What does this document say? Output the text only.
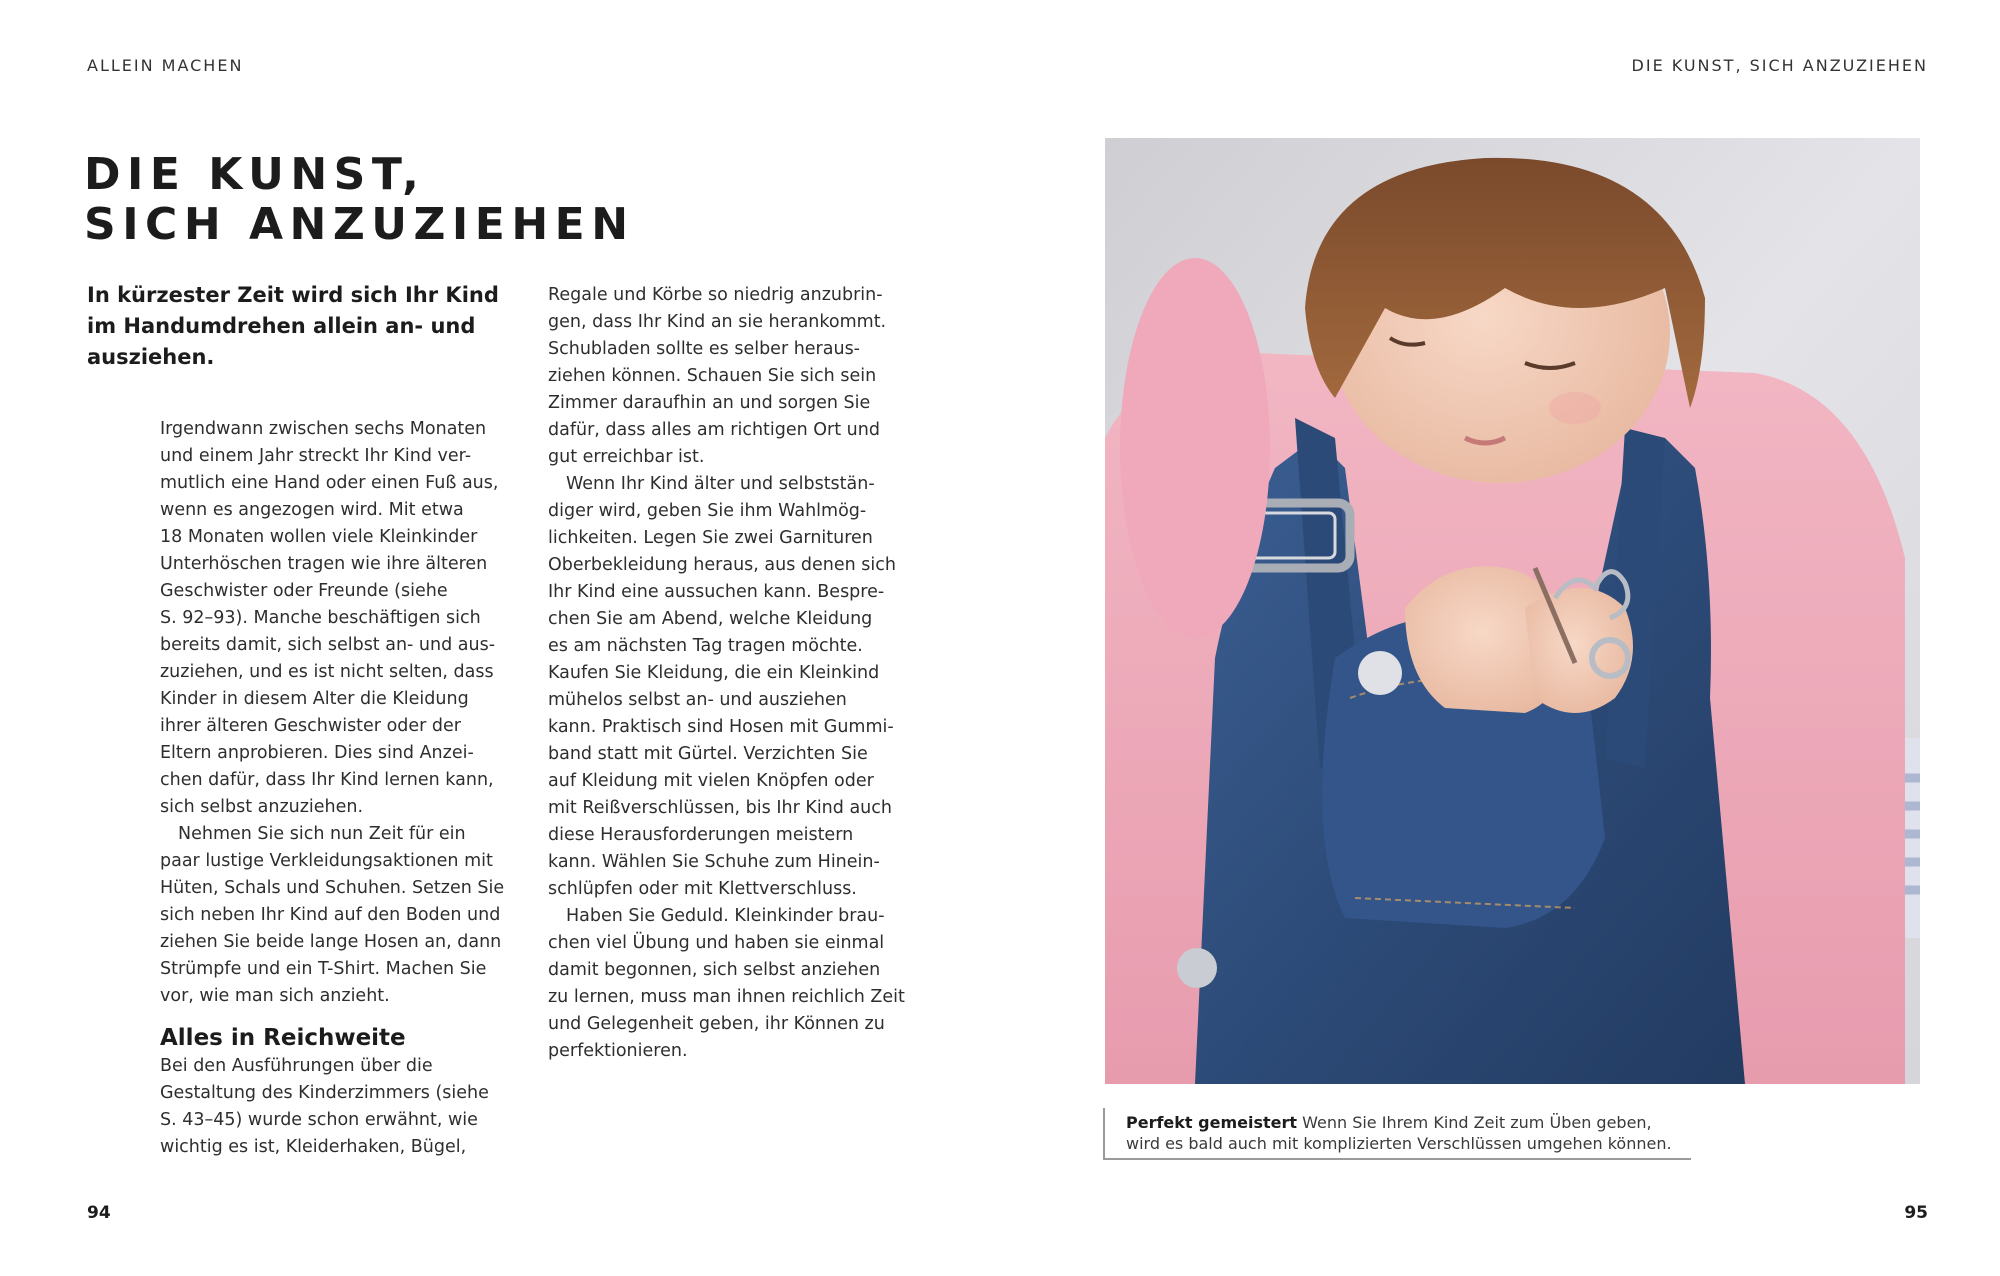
ALLEIN MACHEN	DIE KUNST, SICH ANZUZIEHEN
DIE KUNST,
SICH ANZUZIEHEN

In kürzester Zeit wird sich Ihr Kind im Handumdrehen allein an- und ausziehen.

Irgendwann zwischen sechs Monaten
und einem Jahr streckt Ihr Kind ver-
mutlich eine Hand oder einen Fuß aus,
wenn es angezogen wird. Mit etwa
18 Monaten wollen viele Kleinkinder
Unterhöschen tragen wie ihre älteren
Geschwister oder Freunde (siehe
S. 92–93). Manche beschäftigen sich
bereits damit, sich selbst an- und aus-
zuziehen, und es ist nicht selten, dass
Kinder in diesem Alter die Kleidung
ihrer älteren Geschwister oder der
Eltern anprobieren. Dies sind Anzei-
chen dafür, dass Ihr Kind lernen kann,
sich selbst anzuziehen.
Nehmen Sie sich nun Zeit für ein
paar lustige Verkleidungsaktionen mit
Hüten, Schals und Schuhen. Setzen Sie
sich neben Ihr Kind auf den Boden und
ziehen Sie beide lange Hosen an, dann
Strümpfe und ein T-Shirt. Machen Sie
vor, wie man sich anzieht.
Alles in Reichweite
Bei den Ausführungen über die
Gestaltung des Kinderzimmers (siehe
S. 43–45) wurde schon erwähnt, wie
wichtig es ist, Kleiderhaken, Bügel,
Regale und Körbe so niedrig anzubrin-
gen, dass Ihr Kind an sie herankommt.
Schubladen sollte es selber heraus-
ziehen können. Schauen Sie sich sein
Zimmer daraufhin an und sorgen Sie
dafür, dass alles am richtigen Ort und
gut erreichbar ist.
Wenn Ihr Kind älter und selbststän-
diger wird, geben Sie ihm Wahlmög-
lichkeiten. Legen Sie zwei Garnituren
Oberbekleidung heraus, aus denen sich
Ihr Kind eine aussuchen kann. Bespre-
chen Sie am Abend, welche Kleidung
es am nächsten Tag tragen möchte.
Kaufen Sie Kleidung, die ein Kleinkind
mühelos selbst an- und ausziehen
kann. Praktisch sind Hosen mit Gummi-
band statt mit Gürtel. Verzichten Sie
auf Kleidung mit vielen Knöpfen oder
mit Reißverschlüssen, bis Ihr Kind auch
diese Herausforderungen meistern
kann. Wählen Sie Schuhe zum Hinein-
schlüpfen oder mit Klettverschluss.
Haben Sie Geduld. Kleinkinder brau-
chen viel Übung und haben sie einmal
damit begonnen, sich selbst anziehen
zu lernen, muss man ihnen reichlich Zeit
und Gelegenheit geben, ihr Können zu
perfektionieren.
Perfekt gemeistert Wenn Sie Ihrem Kind Zeit zum Üben geben,
wird es bald auch mit komplizierten Verschlüssen umgehen können.
94	95
